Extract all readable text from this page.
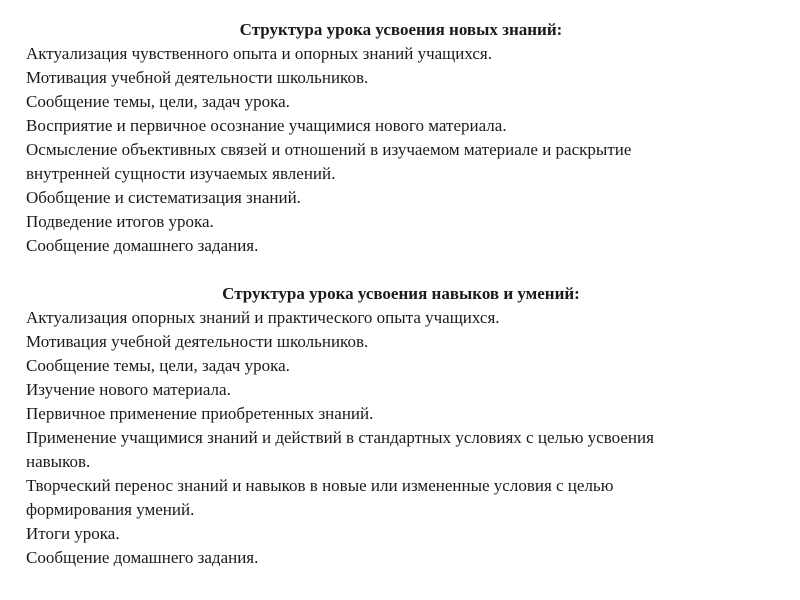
Структура урока усвоения новых знаний:

Актуализация чувственного опыта и опорных знаний учащихся.

Мотивация учебной деятельности школьников.

Сообщение темы, цели, задач урока.

Восприятие и первичное осознание учащимися нового материала.

Осмысление объективных связей и отношений в изучаемом материале и раскрытие

внутренней сущности изучаемых явлений.

Обобщение и систематизация знаний.

Подведение итогов урока.

Сообщение домашнего задания.

Структура урока усвоения навыков и умений:

Актуализация опорных знаний и практического опыта учащихся.

Мотивация учебной деятельности школьников.

Сообщение темы, цели, задач урока.

Изучение нового материала.

Первичное применение приобретенных знаний.

Применение учащимися знаний и действий в стандартных условиях с целью усвоения

навыков.

Творческий перенос знаний и навыков в новые или измененные условия с целью

формирования умений.

Итоги урока.

Сообщение домашнего задания.
